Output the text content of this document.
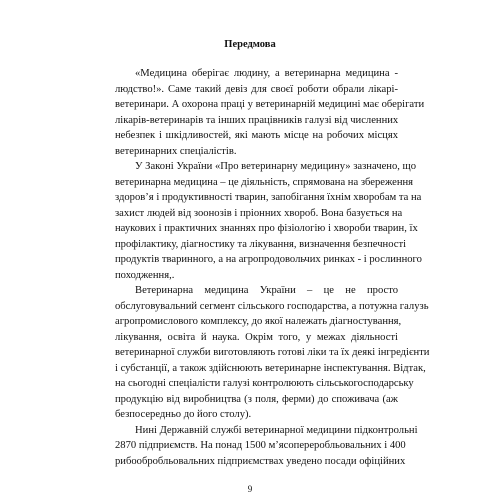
Передмова
«Медицина оберігає людину, а ветеринарна медицина -
людство!». Саме такий девіз для своєї роботи обрали лікарі-
ветеринари. А охорона праці у ветеринарній медицині має оберігати
лікарів-ветеринарів та інших працівників галузі від численних
небезпек і шкідливостей, які мають місце на робочих місцях
ветеринарних спеціалістів.
У Законі України «Про ветеринарну медицину» зазначено, що
ветеринарна медицина – це діяльність, спрямована на збереження
здоров’я і продуктивності тварин, запобігання їхнім хворобам та на
захист людей від зоонозів і пріонних хвороб. Вона базується на
наукових і практичних знаннях про фізіологію і хвороби тварин, їх
профілактику, діагностику та лікування, визначення безпечності
продуктів тваринного, а на агропродовольчих ринках - і рослинного
походження,.
Ветеринарна медицина України – це не просто
обслуговувальний сегмент сільського господарства, а потужна галузь
агропромислового комплексу, до якої належать діагностування,
лікування, освіта й наука. Окрім того, у межах діяльності
ветеринарної служби виготовляють готові ліки та їх деякі інгредієнти
і субстанції, а також здійснюють ветеринарне інспектування. Відтак,
на сьогодні спеціалісти галузі контролюють сільськогосподарську
продукцію від виробництва (з поля, ферми) до споживача (аж
безпосередньо до його столу).
Нині Державній службі ветеринарної медицини підконтрольні
2870 підприємств. На понад 1500 м’ясопереробльовальних і 400
рибообробльовальних підприємствах уведено посади офіційних
9
